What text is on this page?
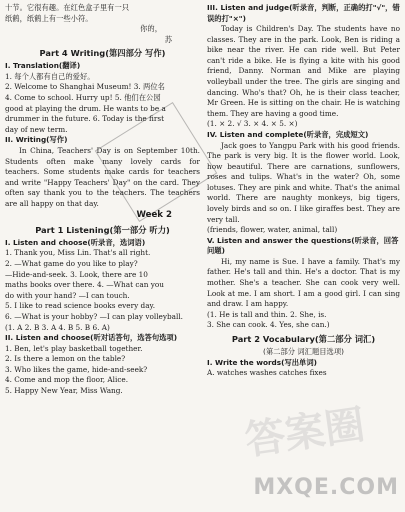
十节。它很有趣。在红色盒子里有一只

纸鹤，纸鹤上有一些小符。

你的，

苏

Part 4 Writing(第四部分 写作)

I. Translation(翻译)

1. 每个人都有自己的爱好。

2. Welcome to Shanghai Museum! 3. 两位名

4. Come to school. Hurry up! 5. 他们在公园

good at playing the drum. He wants to be a

drummer in the future. 6. Today is the first

day of new term.

II. Writing(写作)

In China, Teachers' Day is on September 10th. Students often make many lovely cards for teachers. Some students make cards for teachers and write "Happy Teachers' Day" on the card. They often say thank you to the teachers. The teachers are all happy on that day.

Week 2
Part 1 Listening(第一部分 听力)

I. Listen and choose(听录音，选词语)

1. Thank you, Miss Lin. That's all right.

2. —What game do you like to play?

—Hide-and-seek. 3. Look, there are 10

maths books over there. 4. —What can you

do with your hand? —I can touch.

5. I like to read science books every day.

6. —What is your hobby? —I can play volleyball.

(1. A 2. B 3. A 4. B 5. B 6. A)

II. Listen and choose(听对话答句，选答句选项)

1. Ben, let's play basketball together.

2. Is there a lemon on the table?

3. Who likes the game, hide-and-seek?

4. Come and mop the floor, Alice.

5. Happy New Year, Miss Wang.

III. Listen and judge(听录音，判断，正确的打"√"，错误的打"×")

Today is Children's Day. The students have no classes. They are in the park. Look, Ben is riding a bike near the river. He can ride well. But Peter can't ride a bike. He is flying a kite with his good friend, Danny. Norman and Mike are playing volleyball under the tree. The girls are singing and dancing. Who's that? Oh, he is their class teacher, Mr Green. He is sitting on the chair. He is watching them. They are having a good time.

(1. × 2. √ 3. × 4. × 5. ×)

IV. Listen and complete(听录音，完成短文)

Jack goes to Yangpu Park with his good friends. The park is very big. It is the flower world. Look, how beautiful. There are carnations, sunflowers, roses and tulips. What's in the water? Oh, some lotuses. They are pink and white. That's the animal world. There are naughty monkeys, big tigers, lovely birds and so on. I like giraffes best. They are very tall.

(friends, flower, water, animal, tall)

V. Listen and answer the questions(听录音，回答问题)

Hi, my name is Sue. I have a family. That's my father. He's tall and thin. He's a doctor. That is my mother. She's a teacher. She can cook very well. Look at me. I am short. I am a good girl. I can sing and draw. I am happy.

(1. He is tall and thin. 2. She, is.

3. She can cook. 4. Yes, she can.)

Part 2 Vocabulary(第二部分 词汇)

(第二部分 词汇题目选项)

I. Write the words(写出单词)

A. watches washes catches fixes

答案圈
MXQE.COM
